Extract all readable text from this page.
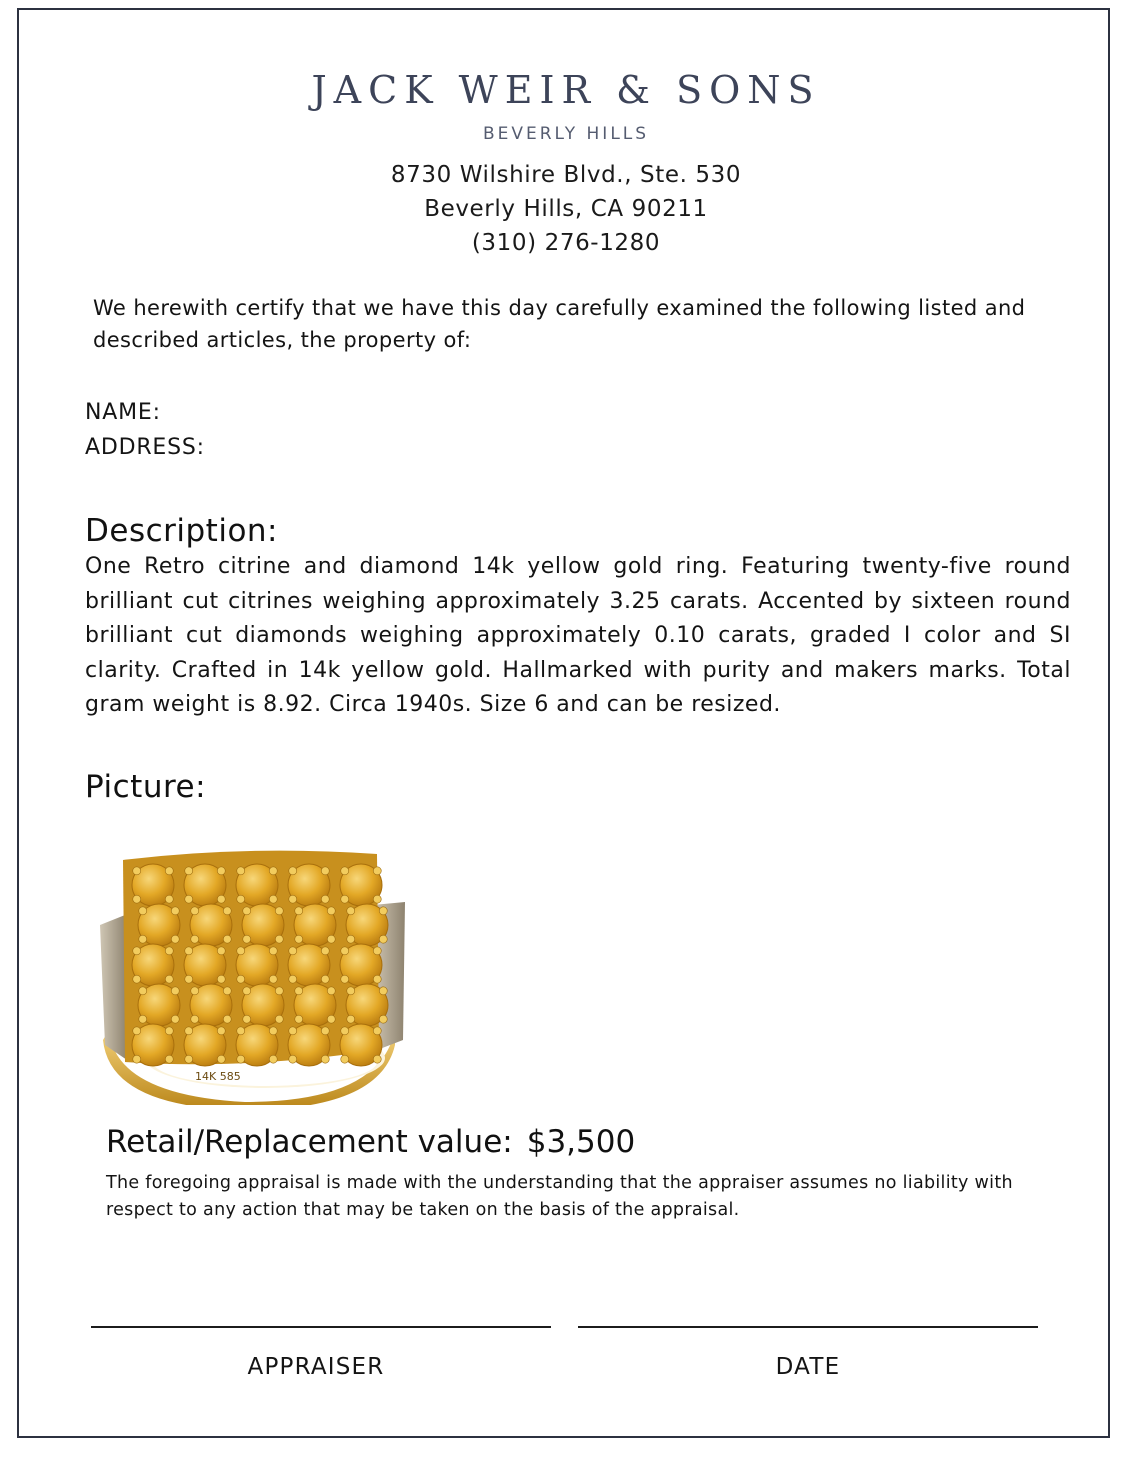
JACK WEIR & SONS
BEVERLY HILLS
8730 Wilshire Blvd., Ste. 530
Beverly Hills, CA 90211
(310) 276-1280
We herewith certify that we have this day carefully examined the following listed and described articles, the property of:
NAME:
ADDRESS:
Description:
One Retro citrine and diamond 14k yellow gold ring. Featuring twenty-five round brilliant cut citrines weighing approximately 3.25 carats. Accented by sixteen round brilliant cut diamonds weighing approximately 0.10 carats, graded I color and SI clarity. Crafted in 14k yellow gold. Hallmarked with purity and makers marks. Total gram weight is 8.92. Circa 1940s. Size 6 and can be resized.
Picture:
14K 585
Retail/Replacement value: $3,500
The foregoing appraisal is made with the understanding that the appraiser assumes no liability with respect to any action that may be taken on the basis of the appraisal.
APPRAISER	DATE
